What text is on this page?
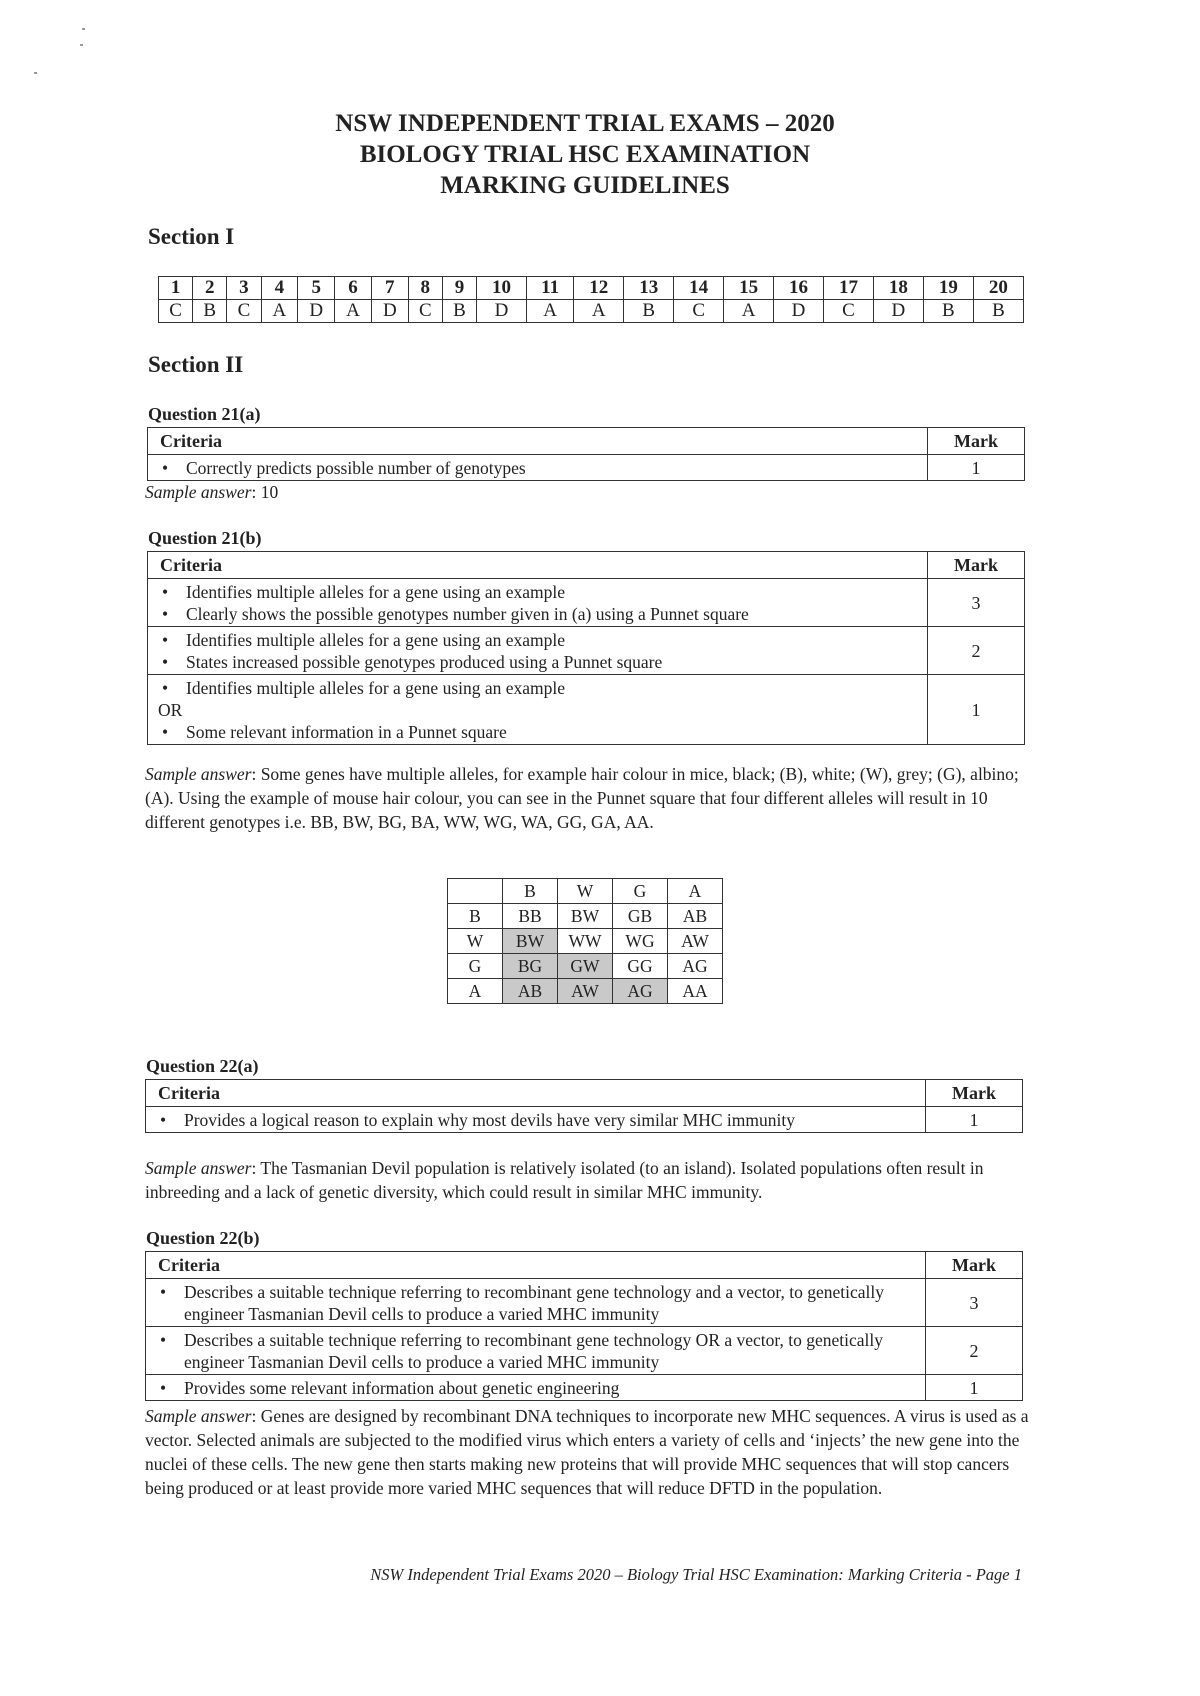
NSW INDEPENDENT TRIAL EXAMS – 2020
BIOLOGY TRIAL HSC EXAMINATION
MARKING GUIDELINES
Section I
1	2	3	4	5	6	7	8	9	10	11	12	13	14	15	16	17	18	19	20
C	B	C	A	D	A	D	C	B	D	A	A	B	C	A	D	C	D	B	B
Section II
Question 21(a)
Criteria	Mark

• Correctly predicts possible number of genotypes	1
Sample answer: 10
Question 21(b)
Criteria	Mark

• Identifies multiple alleles for a gene using an example
• Clearly shows the possible genotypes number given in (a) using a Punnet square	3

• Identifies multiple alleles for a gene using an example
• States increased possible genotypes produced using a Punnet square	2

• Identifies multiple alleles for a gene using an example
OR
• Some relevant information in a Punnet square	1
Sample answer: Some genes have multiple alleles, for example hair colour in mice, black; (B), white; (W), grey; (G), albino; (A). Using the example of mouse hair colour, you can see in the Punnet square that four different alleles will result in 10 different genotypes i.e. BB, BW, BG, BA, WW, WG, WA, GG, GA, AA.
	B	W	G	A
B	BB	BW	GB	AB
W	BW	WW	WG	AW
G	BG	GW	GG	AG
A	AB	AW	AG	AA
Question 22(a)
Criteria	Mark

• Provides a logical reason to explain why most devils have very similar MHC immunity	1
Sample answer: The Tasmanian Devil population is relatively isolated (to an island). Isolated populations often result in inbreeding and a lack of genetic diversity, which could result in similar MHC immunity.
Question 22(b)
Criteria	Mark

• Describes a suitable technique referring to recombinant gene technology and a vector, to genetically engineer Tasmanian Devil cells to produce a varied MHC immunity	3

• Describes a suitable technique referring to recombinant gene technology OR a vector, to genetically engineer Tasmanian Devil cells to produce a varied MHC immunity	2

• Provides some relevant information about genetic engineering	1
Sample answer: Genes are designed by recombinant DNA techniques to incorporate new MHC sequences. A virus is used as a vector. Selected animals are subjected to the modified virus which enters a variety of cells and ‘injects’ the new gene into the nuclei of these cells. The new gene then starts making new proteins that will provide MHC sequences that will stop cancers being produced or at least provide more varied MHC sequences that will reduce DFTD in the population.
NSW Independent Trial Exams 2020 – Biology Trial HSC Examination: Marking Criteria - Page 1
